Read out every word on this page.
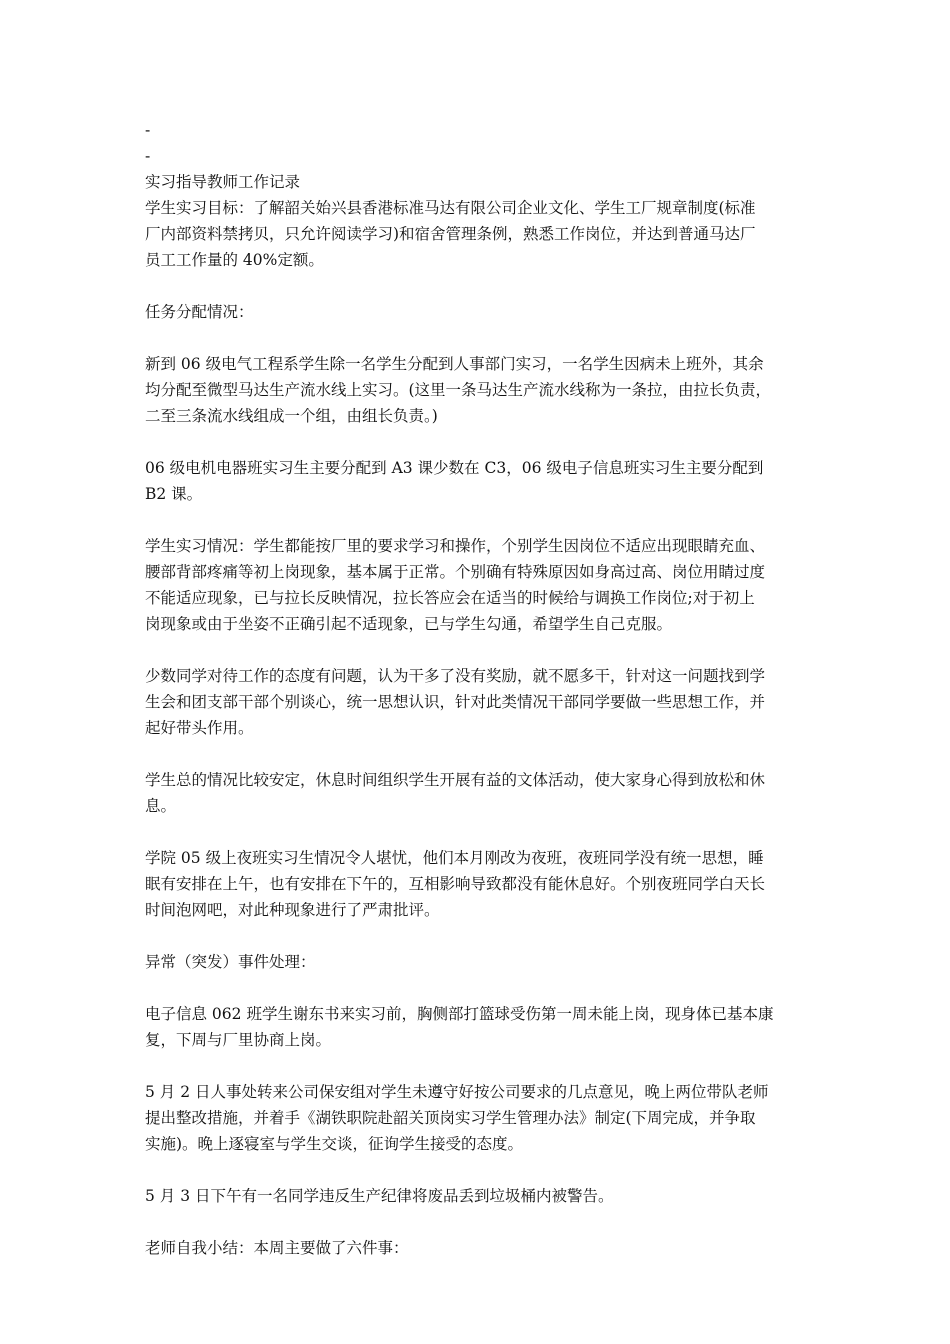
-
-
实习指导教师工作记录

学生实习目标：了解韶关始兴县香港标准马达有限公司企业文化、学生工厂规章制度(标准

厂内部资料禁拷贝，只允许阅读学习)和宿舍管理条例，熟悉工作岗位，并达到普通马达厂

员工工作量的 40%定额。

任务分配情况：

新到 06 级电气工程系学生除一名学生分配到人事部门实习，一名学生因病未上班外，其余

均分配至微型马达生产流水线上实习。(这里一条马达生产流水线称为一条拉，由拉长负责，

二至三条流水线组成一个组，由组长负责。)

06 级电机电器班实习生主要分配到 A3 课少数在 C3，06 级电子信息班实习生主要分配到

B2 课。

学生实习情况：学生都能按厂里的要求学习和操作，个别学生因岗位不适应出现眼睛充血、

腰部背部疼痛等初上岗现象，基本属于正常。个别确有特殊原因如身高过高、岗位用睛过度

不能适应现象，已与拉长反映情况，拉长答应会在适当的时候给与调换工作岗位;对于初上

岗现象或由于坐姿不正确引起不适现象，已与学生勾通，希望学生自己克服。

少数同学对待工作的态度有问题，认为干多了没有奖励，就不愿多干，针对这一问题找到学

生会和团支部干部个别谈心，统一思想认识，针对此类情况干部同学要做一些思想工作，并

起好带头作用。

学生总的情况比较安定，休息时间组织学生开展有益的文体活动，使大家身心得到放松和休

息。

学院 05 级上夜班实习生情况令人堪忧，他们本月刚改为夜班，夜班同学没有统一思想，睡

眠有安排在上午，也有安排在下午的，互相影响导致都没有能休息好。个别夜班同学白天长

时间泡网吧，对此种现象进行了严肃批评。

异常（突发）事件处理：

电子信息 062 班学生谢东书来实习前，胸侧部打篮球受伤第一周未能上岗，现身体已基本康

复，下周与厂里协商上岗。

5 月 2 日人事处转来公司保安组对学生未遵守好按公司要求的几点意见，晚上两位带队老师

提出整改措施，并着手《湖铁职院赴韶关顶岗实习学生管理办法》制定(下周完成，并争取

实施)。晚上逐寝室与学生交谈，征询学生接受的态度。

5 月 3 日下午有一名同学违反生产纪律将废品丢到垃圾桶内被警告。

老师自我小结：本周主要做了六件事：
